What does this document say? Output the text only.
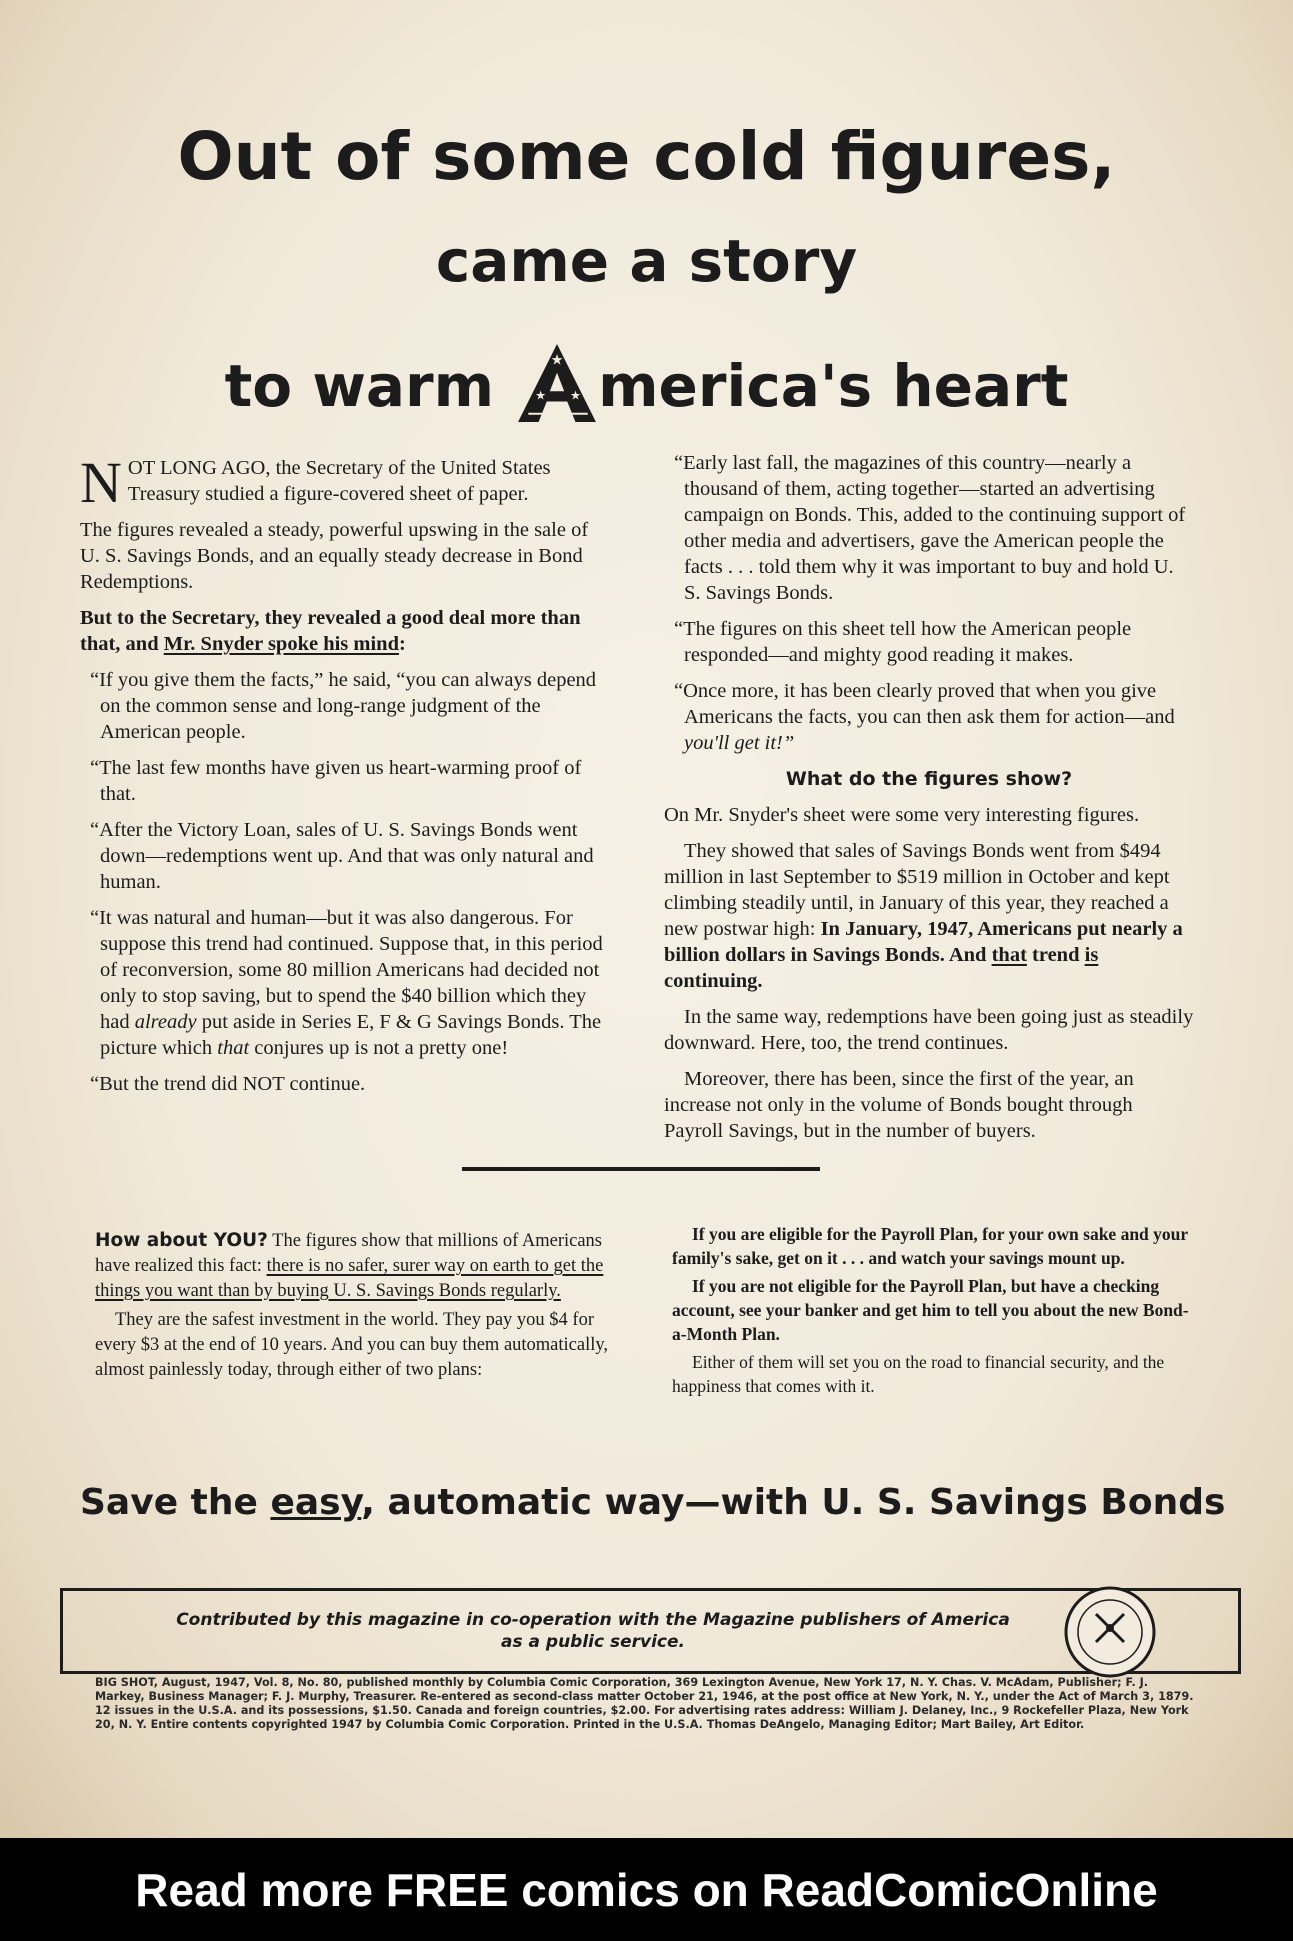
Out of some cold figures,
came a story
to warm	★
★ ★ merica's heart

NOT LONG AGO, the Secretary of the United States Treasury studied a figure-covered sheet of paper.

The figures revealed a steady, powerful upswing in the sale of U. S. Savings Bonds, and an equally steady decrease in Bond Redemptions.

But to the Secretary, they revealed a good deal more than that, and Mr. Snyder spoke his mind:

“If you give them the facts,” he said, “you can always depend on the common sense and long-range judgment of the American people.

“The last few months have given us heart-warming proof of that.

“After the Victory Loan, sales of U. S. Savings Bonds went down—redemptions went up. And that was only natural and human.

“It was natural and human—but it was also dangerous. For suppose this trend had continued. Suppose that, in this period of reconversion, some 80 million Americans had decided not only to stop saving, but to spend the $40 billion which they had already put aside in Series E, F & G Savings Bonds. The picture which that conjures up is not a pretty one!

“But the trend did NOT continue.

“Early last fall, the magazines of this country—nearly a thousand of them, acting together—started an advertising campaign on Bonds. This, added to the continuing support of other media and advertisers, gave the American people the facts . . . told them why it was important to buy and hold U. S. Savings Bonds.

“The figures on this sheet tell how the American people responded—and mighty good reading it makes.

“Once more, it has been clearly proved that when you give Americans the facts, you can then ask them for action—and you'll get it!”

What do the figures show?

On Mr. Snyder's sheet were some very interesting figures.

They showed that sales of Savings Bonds went from $494 million in last September to $519 million in October and kept climbing steadily until, in January of this year, they reached a new postwar high: In January, 1947, Americans put nearly a billion dollars in Savings Bonds. And that trend is continuing.

In the same way, redemptions have been going just as steadily downward. Here, too, the trend continues.

Moreover, there has been, since the first of the year, an increase not only in the volume of Bonds bought through Payroll Savings, but in the number of buyers.

How about YOU? The figures show that millions of Americans have realized this fact: there is no safer, surer way on earth to get the things you want than by buying U. S. Savings Bonds regularly.

They are the safest investment in the world. They pay you $4 for every $3 at the end of 10 years. And you can buy them automatically, almost painlessly today, through either of two plans:

If you are eligible for the Payroll Plan, for your own sake and your family's sake, get on it . . . and watch your savings mount up.

If you are not eligible for the Payroll Plan, but have a checking account, see your banker and get him to tell you about the new Bond-a-Month Plan.

Either of them will set you on the road to financial security, and the happiness that comes with it.

Save the easy, automatic way—with U. S. Savings Bonds
Contributed by this magazine in co-operation with the Magazine publishers of America
as a public service.
BIG SHOT, August, 1947, Vol. 8, No. 80, published monthly by Columbia Comic Corporation, 369 Lexington Avenue, New York 17, N. Y. Chas. V. McAdam, Publisher; F. J. Markey, Business Manager; F. J. Murphy, Treasurer. Re-entered as second-class matter October 21, 1946, at the post office at New York, N. Y., under the Act of March 3, 1879. 12 issues in the U.S.A. and its possessions, $1.50. Canada and foreign countries, $2.00. For advertising rates address: William J. Delaney, Inc., 9 Rockefeller Plaza, New York 20, N. Y. Entire contents copyrighted 1947 by Columbia Comic Corporation. Printed in the U.S.A. Thomas DeAngelo, Managing Editor; Mart Bailey, Art Editor.
Read more FREE comics on ReadComicOnline
